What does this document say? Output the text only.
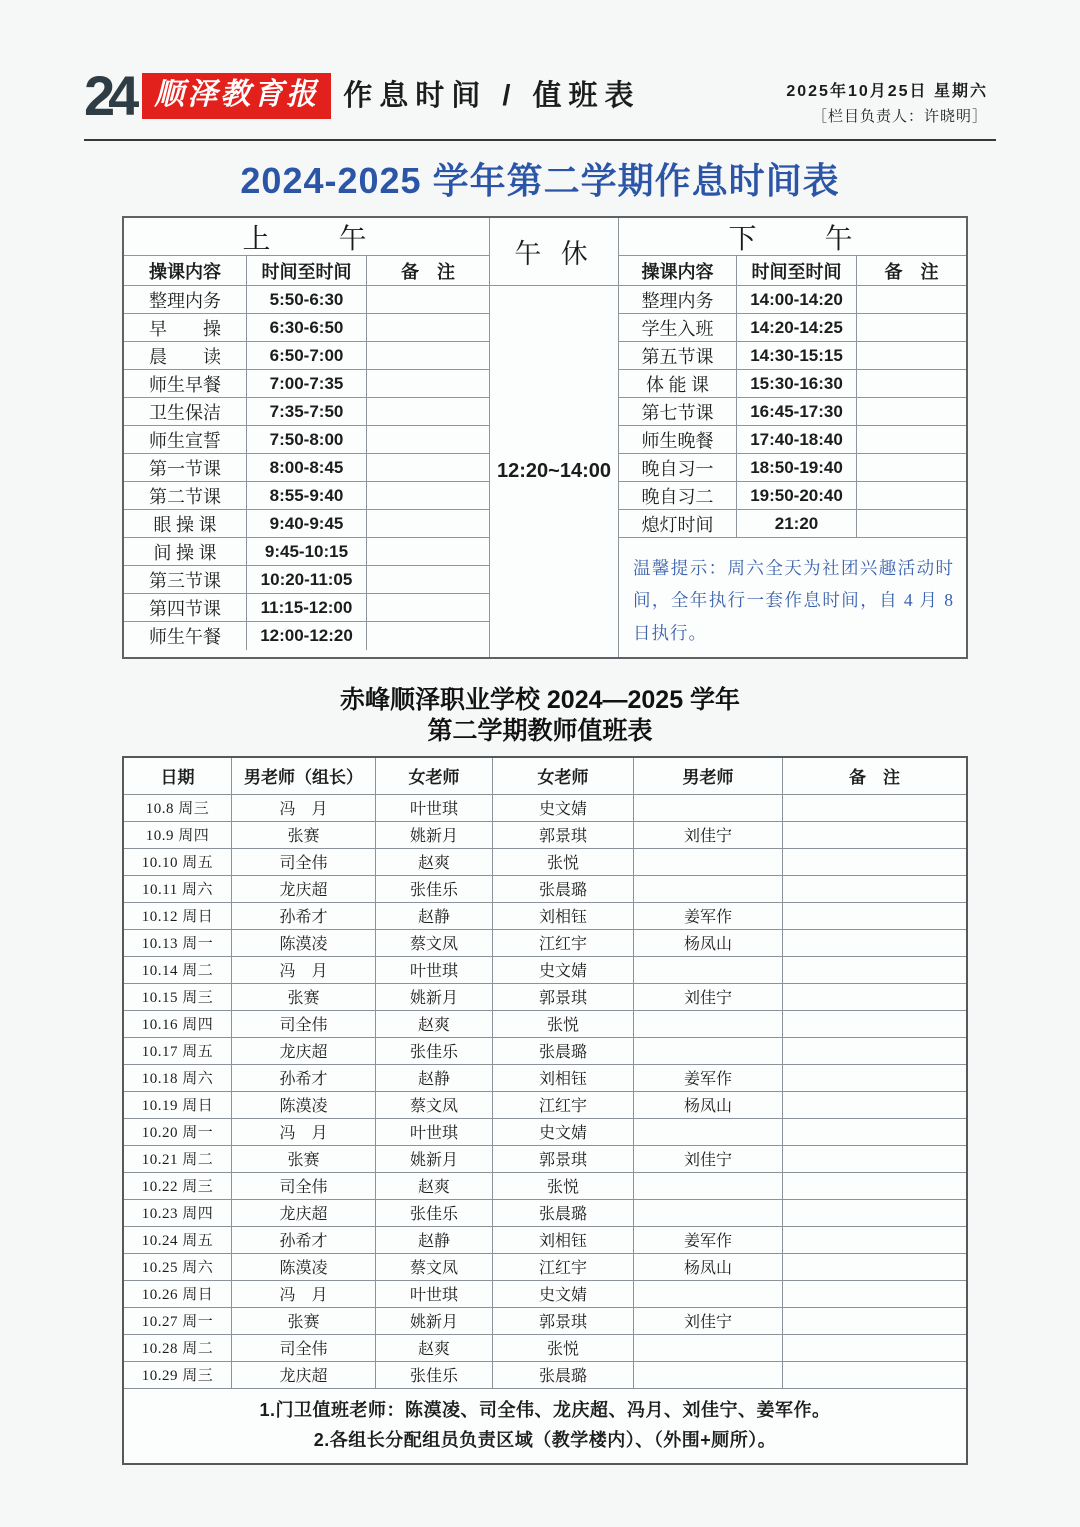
24 顺泽教育报 作息时间 / 值班表	2025年10月25日 星期六
［栏目负责人：许晓明］
2024-2025 学年第二学期作息时间表
上　　午
操课内容	时间至时间	备　注
整理内务	5:50-6:30
早　　操	6:30-6:50
晨　　读	6:50-7:00
师生早餐	7:00-7:35
卫生保洁	7:35-7:50
师生宣誓	7:50-8:00
第一节课	8:00-8:45
第二节课	8:55-9:40
眼 操 课	9:40-9:45
间 操 课	9:45-10:15
第三节课	10:20-11:05
第四节课	11:15-12:00
师生午餐	12:00-12:20
午 休
12:20~14:00
下　　午
操课内容	时间至时间	备　注
整理内务	14:00-14:20
学生入班	14:20-14:25
第五节课	14:30-15:15
体 能 课	15:30-16:30
第七节课	16:45-17:30
师生晚餐	17:40-18:40
晚自习一	18:50-19:40
晚自习二	19:50-20:40
熄灯时间	21:20
温馨提示：周六全天为社团兴趣活动时间，全年执行一套作息时间，自 4 月 8 日执行。
赤峰顺泽职业学校 2024—2025 学年
第二学期教师值班表
日期	男老师（组长）	女老师	女老师	男老师	备　注
10.8 周三	冯　月	叶世琪	史文婧
10.9 周四	张赛	姚新月	郭景琪	刘佳宁
10.10 周五	司全伟	赵爽	张悦
10.11 周六	龙庆超	张佳乐	张晨璐
10.12 周日	孙希才	赵静	刘相钰	姜军作
10.13 周一	陈漠凌	蔡文凤	江红宇	杨凤山
10.14 周二	冯　月	叶世琪	史文婧
10.15 周三	张赛	姚新月	郭景琪	刘佳宁
10.16 周四	司全伟	赵爽	张悦
10.17 周五	龙庆超	张佳乐	张晨璐
10.18 周六	孙希才	赵静	刘相钰	姜军作
10.19 周日	陈漠凌	蔡文凤	江红宇	杨凤山
10.20 周一	冯　月	叶世琪	史文婧
10.21 周二	张赛	姚新月	郭景琪	刘佳宁
10.22 周三	司全伟	赵爽	张悦
10.23 周四	龙庆超	张佳乐	张晨璐
10.24 周五	孙希才	赵静	刘相钰	姜军作
10.25 周六	陈漠凌	蔡文凤	江红宇	杨凤山
10.26 周日	冯　月	叶世琪	史文婧
10.27 周一	张赛	姚新月	郭景琪	刘佳宁
10.28 周二	司全伟	赵爽	张悦
10.29 周三	龙庆超	张佳乐	张晨璐
1.门卫值班老师：陈漠凌、司全伟、龙庆超、冯月、刘佳宁、姜军作。
2.各组长分配组员负责区域（教学楼内）、（外围+厕所）。
